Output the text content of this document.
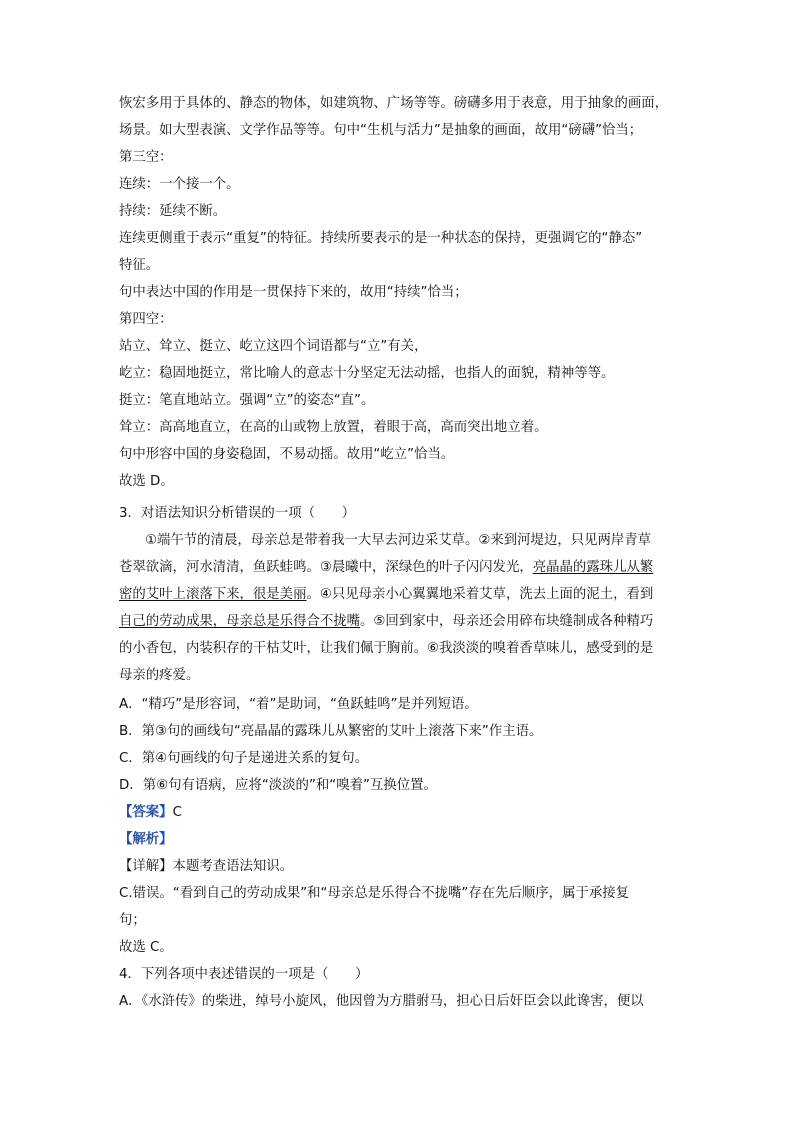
恢宏多用于具体的、静态的物体，如建筑物、广场等等。磅礴多用于表意，用于抽象的画面，
场景。如大型表演、文学作品等等。句中“生机与活力”是抽象的画面，故用“磅礴”恰当；
第三空：
连续：一个接一个。
持续：延续不断。
连续更侧重于表示“重复”的特征。持续所要表示的是一种状态的保持，更强调它的“静态”
特征。
句中表达中国的作用是一贯保持下来的，故用“持续”恰当；
第四空：
站立、耸立、挺立、屹立这四个词语都与“立”有关，
屹立：稳固地挺立，常比喻人的意志十分坚定无法动摇，也指人的面貌，精神等等。
挺立：笔直地站立。强调“立”的姿态“直”。
耸立：高高地直立，在高的山或物上放置，着眼于高，高而突出地立着。
句中形容中国的身姿稳固，不易动摇。故用“屹立”恰当。
故选 D。
3．对语法知识分析错误的一项（　　）
①端午节的清晨，母亲总是带着我一大早去河边采艾草。②来到河堤边，只见两岸青草
苍翠欲滴，河水清清，鱼跃蛙鸣。③晨曦中，深绿色的叶子闪闪发光，亮晶晶的露珠儿从繁
密的艾叶上滚落下来，很是美丽。④只见母亲小心翼翼地采着艾草，洗去上面的泥土，看到
自己的劳动成果，母亲总是乐得合不拢嘴。⑤回到家中，母亲还会用碎布块缝制成各种精巧
的小香包，内装积存的干枯艾叶，让我们佩于胸前。⑥我淡淡的嗅着香草味儿，感受到的是
母亲的疼爱。
A．“精巧”是形容词，“着”是助词，“鱼跃蛙鸣”是并列短语。
B．第③句的画线句“亮晶晶的露珠儿从繁密的艾叶上滚落下来”作主语。
C．第④句画线的句子是递进关系的复句。
D．第⑥句有语病，应将“淡淡的”和“嗅着”互换位置。
【答案】C
【解析】
【详解】本题考查语法知识。
C.错误。“看到自己的劳动成果”和“母亲总是乐得合不拢嘴”存在先后顺序，属于承接复
句；
故选 C。
4．下列各项中表述错误的一项是（　　）
A．《水浒传》的柴进，绰号小旋风，他因曾为方腊驸马，担心日后奸臣会以此谗害，便以
